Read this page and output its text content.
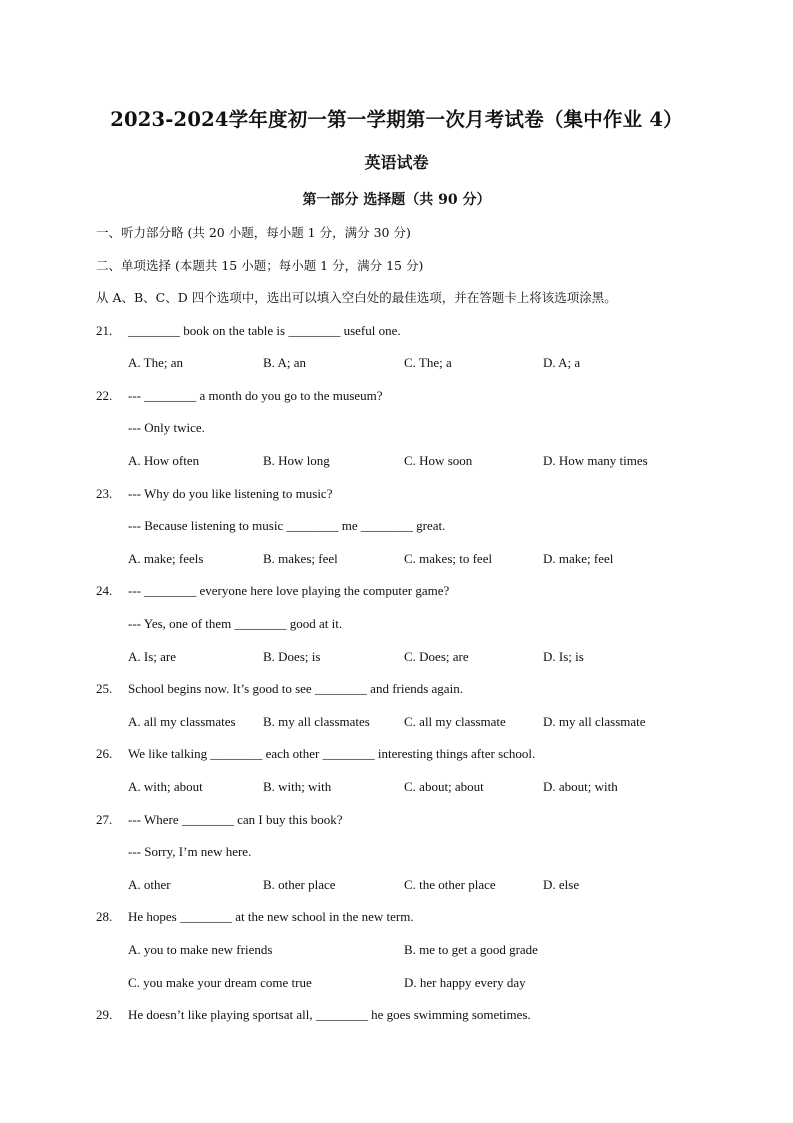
2023-2024学年度初一第一学期第一次月考试卷（集中作业 4）
英语试卷
第一部分 选择题（共 90 分）
一、听力部分略 (共 20 小题，每小题 1 分，满分 30 分)
二、单项选择 (本题共 15 小题；每小题 1 分，满分 15 分)
从 A、B、C、D 四个选项中，选出可以填入空白处的最佳选项，并在答题卡上将该选项涂黑。
21. ________ book on the table is ________ useful one.
A. The; an	B. A; an	C. The; a	D. A; a
22. --- ________ a month do you go to the museum?
--- Only twice.
A. How often	B. How long	C. How soon	D. How many times
23. --- Why do you like listening to music?
--- Because listening to music ________ me ________ great.
A. make; feels	B. makes; feel	C. makes; to feel	D. make; feel
24. --- ________ everyone here love playing the computer game?
--- Yes, one of them ________ good at it.
A. Is; are	B. Does; is	C. Does; are	D. Is; is
25. School begins now. It’s good to see ________ and friends again.
A. all my classmates B. my all classmates	C. all my classmate	D. my all classmate
26. We like talking ________ each other ________ interesting things after school.
A. with; about	B. with; with	C. about; about	D. about; with
27. --- Where ________ can I buy this book?
--- Sorry, I’m new here.
A. other	B. other place	C. the other place	D. else
28. He hopes ________ at the new school in the new term.
A. you to make new friends	B. me to get a good grade
C. you make your dream come true	D. her happy every day
29. He doesn’t like playing sportsat all, ________ he goes swimming sometimes.
